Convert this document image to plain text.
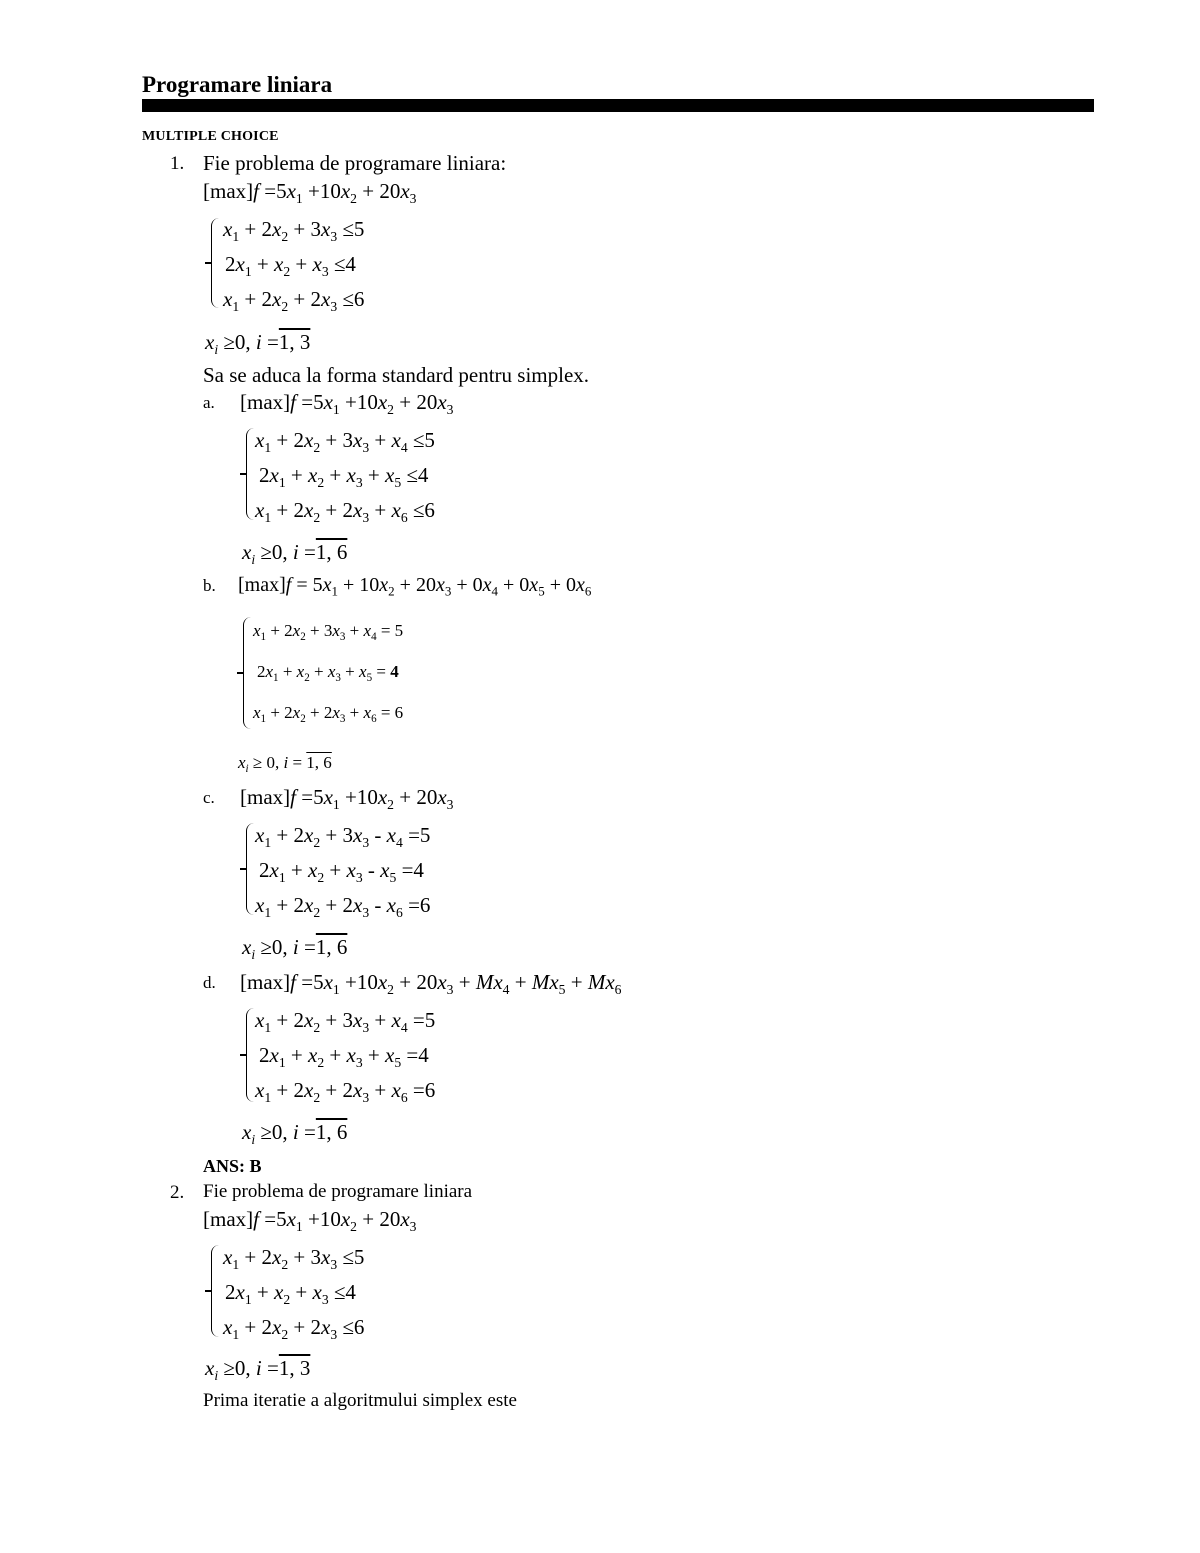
Programare liniara
MULTIPLE CHOICE
1. Fie problema de programare liniara:
$[\max]f =5x_1 +10x_2 + 20x_3$
$x_1 + 2x_2 + 3x_3 \le 5$
$2x_1 + x_2 + x_3 \le 4$
$x_1 + 2x_2 + 2x_3 \le 6$
$x_i \ge 0$, i =1, 3
Sa se aduca la forma standard pentru simplex.
a. $[\max]f =5x_1 +10x_2 + 20x_3$
$x_1 + 2x_2 + 3x_3 + x_4 \le 5$
$2x_1 + x_2 + x_3 + x_5 \le 4$
$x_1 + 2x_2 + 2x_3 + x_6 \le 6$
$x_i \ge 0$, i =1, 6
b. $[\max]f = 5x_1 + 10x_2 + 20x_3 + 0x_4 + 0x_5 + 0x_6$
$x_1 + 2x_2 + 3x_3 + x_4 = 5$
$2x_1 + x_2 + x_3 + x_5 = 4$
$x_1 + 2x_2 + 2x_3 + x_6 = 6$
$x_i \ge 0$, i = 1, 6
c. $[\max]f =5x_1 +10x_2 + 20x_3$
$x_1 + 2x_2 + 3x_3 - x_4 =5$
$2x_1 + x_2 + x_3 - x_5 =4$
$x_1 + 2x_2 + 2x_3 - x_6 =6$
$x_i \ge 0$, i =1, 6
d. $[\max]f =5x_1 +10x_2 + 20x_3 + Mx_4 + Mx_5 + Mx_6$
$x_1 + 2x_2 + 3x_3 + x_4 =5$
$2x_1 + x_2 + x_3 + x_5 =4$
$x_1 + 2x_2 + 2x_3 + x_6 =6$
$x_i \ge 0$, i =1, 6
ANS: B
2. Fie problema de programare liniara
$[\max]f =5x_1 +10x_2 + 20x_3$
$x_1 + 2x_2 + 3x_3 \le 5$
$2x_1 + x_2 + x_3 \le 4$
$x_1 + 2x_2 + 2x_3 \le 6$
$x_i \ge 0$, i =1, 3
Prima iteratie a algoritmului simplex este
